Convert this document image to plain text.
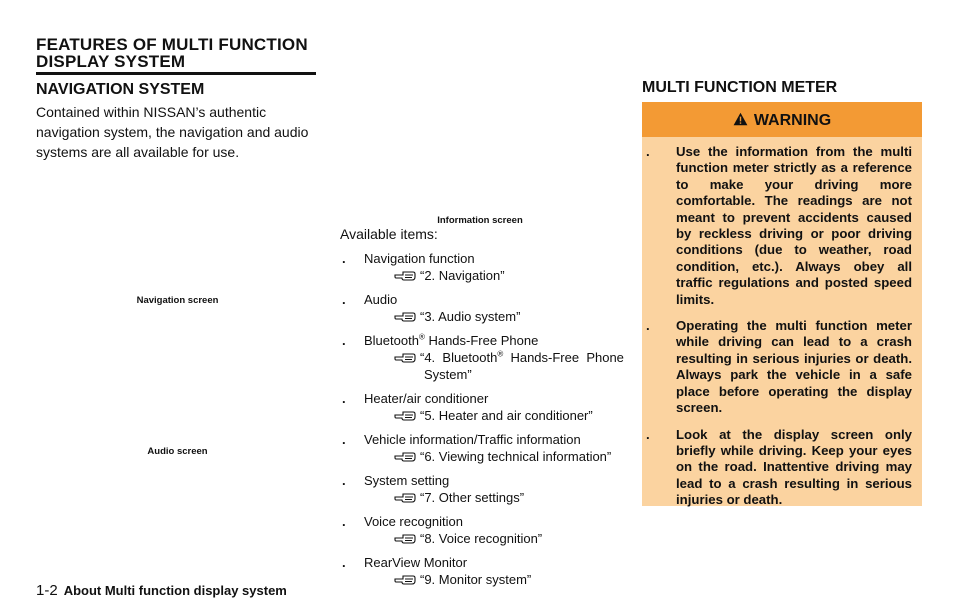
FEATURES OF MULTI FUNCTION
DISPLAY SYSTEM
NAVIGATION SYSTEM
Contained within NISSAN’s authentic navigation system, the navigation and audio systems are all available for use.
Navigation screen
Audio screen
Information screen
Available items:
. Navigation function
“2. Navigation”
. Audio
“3. Audio system”
. Bluetooth® Hands-Free Phone
“4.  Bluetooth®  Hands-Free  Phone
System”
. Heater/air conditioner
“5. Heater and air conditioner”
. Vehicle information/Traffic information
“6. Viewing technical information”
. System setting
“7. Other settings”
. Voice recognition
“8. Voice recognition”
. RearView Monitor
“9. Monitor system”
MULTI FUNCTION METER
WARNING
. Use the information from the multi function meter strictly as a reference to make your driving more comfortable. The readings are not meant to prevent accidents caused by reckless driving or poor driving conditions (due to weather, road condition, etc.). Always obey all traffic regulations and posted speed limits.
. Operating the multi function meter while driving can lead to a crash resulting in serious injuries or death. Always park the vehicle in a safe place before operating the display screen.
. Look at the display screen only briefly while driving. Keep your eyes on the road. Inattentive driving may lead to a crash resulting in serious injuries or death.
1-2 About Multi function display system
